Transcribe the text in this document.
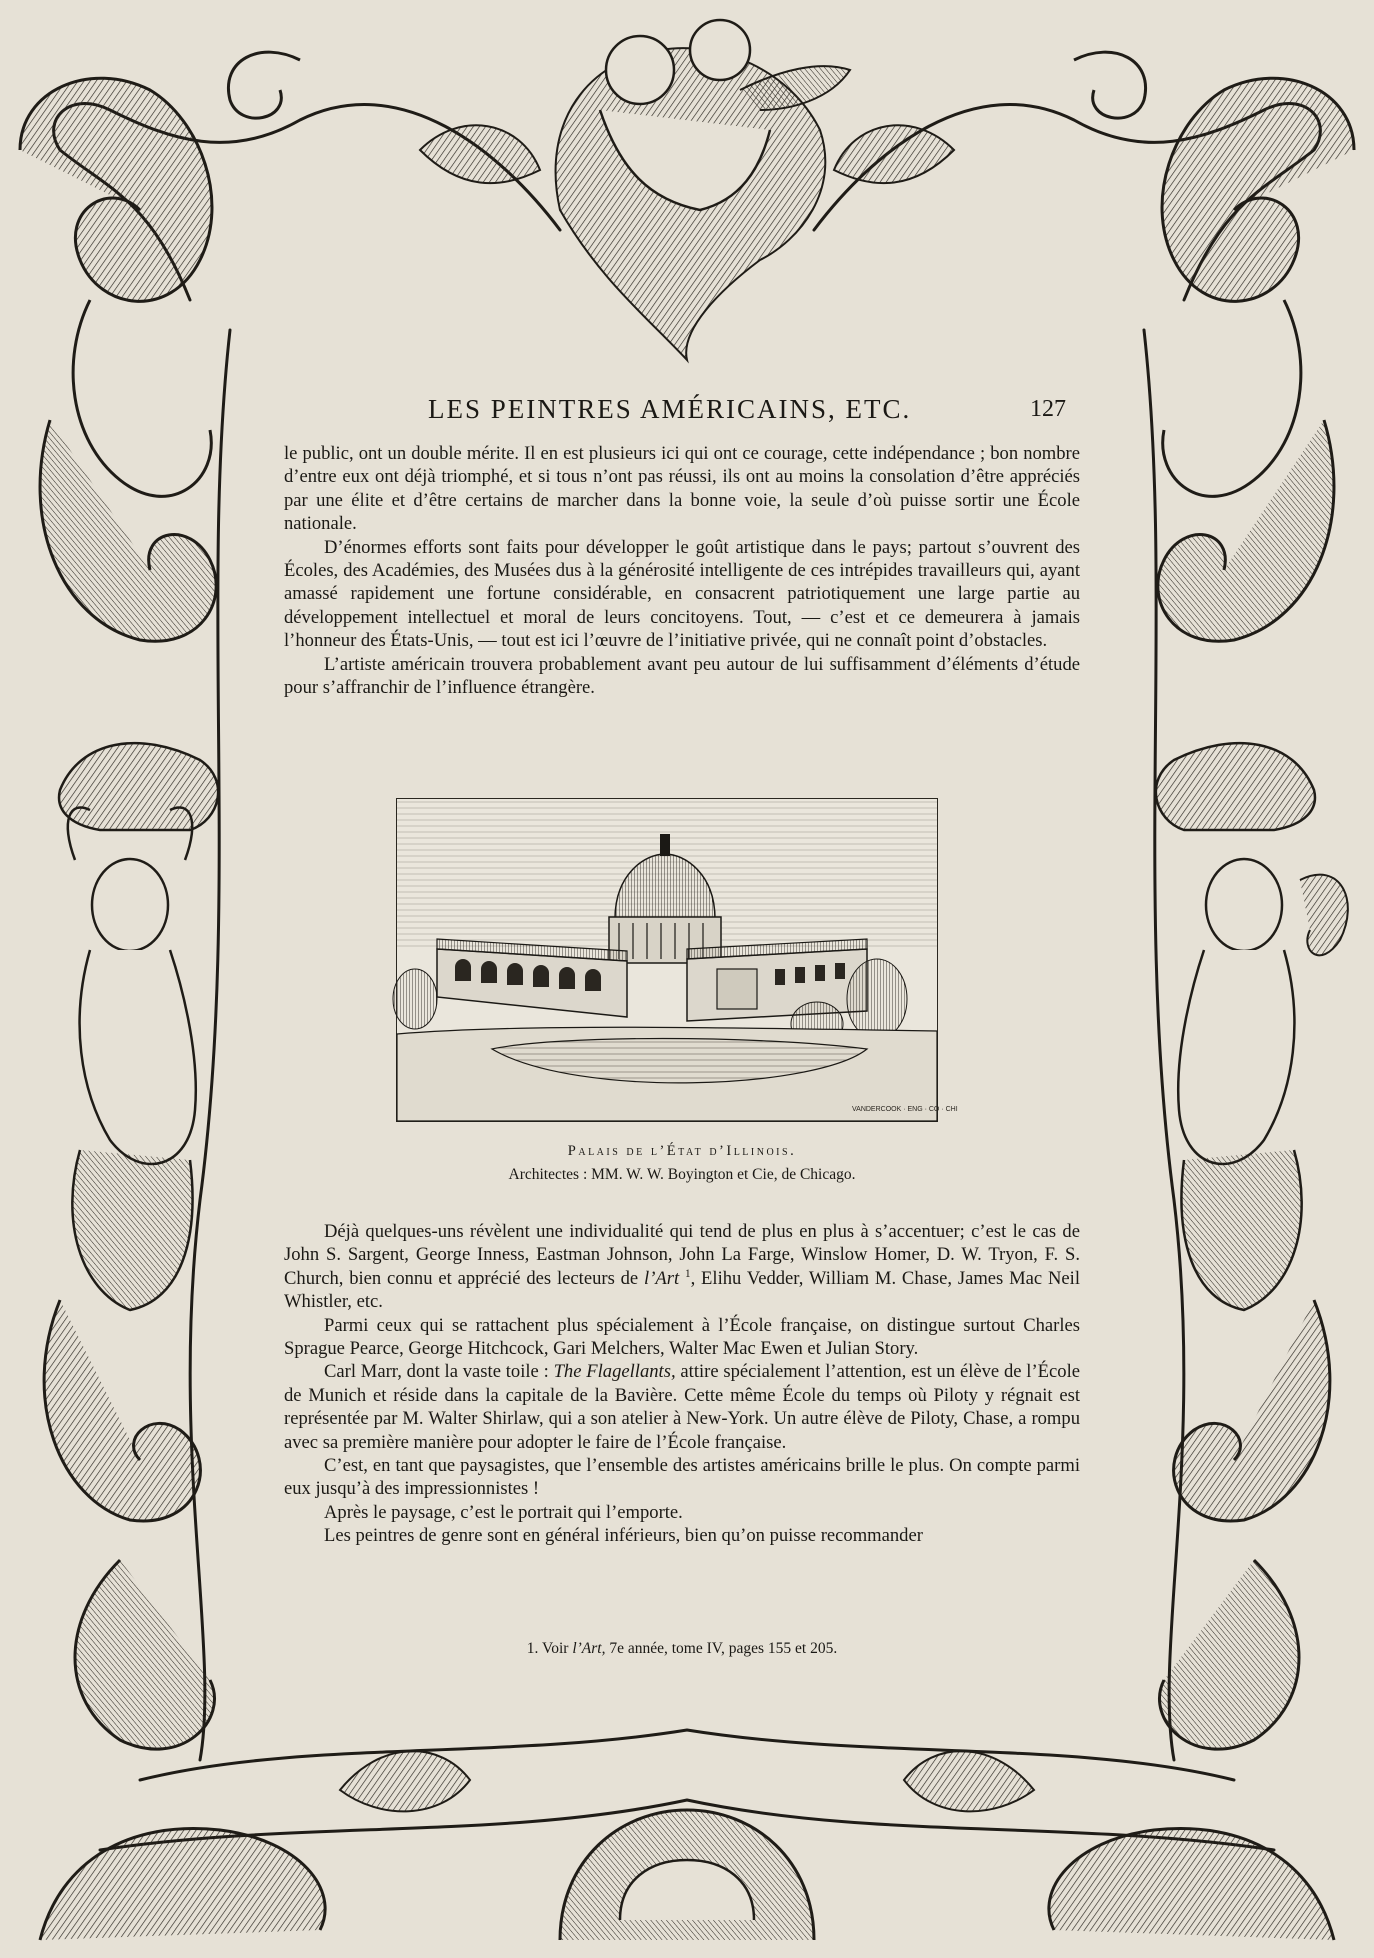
LES PEINTRES AMÉRICAINS, ETC.	127

le public, ont un double mérite. Il en est plusieurs ici qui ont ce courage, cette indépendance ; bon nombre d’entre eux ont déjà triomphé, et si tous n’ont pas réussi, ils ont au moins la consolation d’être appréciés par une élite et d’être certains de marcher dans la bonne voie, la seule d’où puisse sortir une École nationale.

D’énormes efforts sont faits pour développer le goût artistique dans le pays; partout s’ouvrent des Écoles, des Académies, des Musées dus à la générosité intelligente de ces intrépides travailleurs qui, ayant amassé rapidement une fortune considérable, en consacrent patriotiquement une large partie au développement intellectuel et moral de leurs concitoyens. Tout, — c’est et ce demeurera à jamais l’honneur des États-Unis, — tout est ici l’œuvre de l’initiative privée, qui ne connaît point d’obstacles.

L’artiste américain trouvera probablement avant peu autour de lui suffisamment d’éléments d’étude pour s’affranchir de l’influence étrangère.

VANDERCOOK · ENG · CO · CHI
Palais de l’État d’Illinois.
Architectes : MM. W. W. Boyington et Cie, de Chicago.

Déjà quelques-uns révèlent une individualité qui tend de plus en plus à s’accentuer; c’est le cas de John S. Sargent, George Inness, Eastman Johnson, John La Farge, Winslow Homer, D. W. Tryon, F. S. Church, bien connu et apprécié des lecteurs de l’Art $^1$, Elihu Vedder, William M. Chase, James Mac Neil Whistler, etc.

Parmi ceux qui se rattachent plus spécialement à l’École française, on distingue surtout Charles Sprague Pearce, George Hitchcock, Gari Melchers, Walter Mac Ewen et Julian Story.

Carl Marr, dont la vaste toile : The Flagellants, attire spécialement l’attention, est un élève de l’École de Munich et réside dans la capitale de la Bavière. Cette même École du temps où Piloty y régnait est représentée par M. Walter Shirlaw, qui a son atelier à New-York. Un autre élève de Piloty, Chase, a rompu avec sa première manière pour adopter le faire de l’École française.

C’est, en tant que paysagistes, que l’ensemble des artistes américains brille le plus. On compte parmi eux jusqu’à des impressionnistes !

Après le paysage, c’est le portrait qui l’emporte.

Les peintres de genre sont en général inférieurs, bien qu’on puisse recommander

1. Voir l’Art, 7e année, tome IV, pages 155 et 205.
